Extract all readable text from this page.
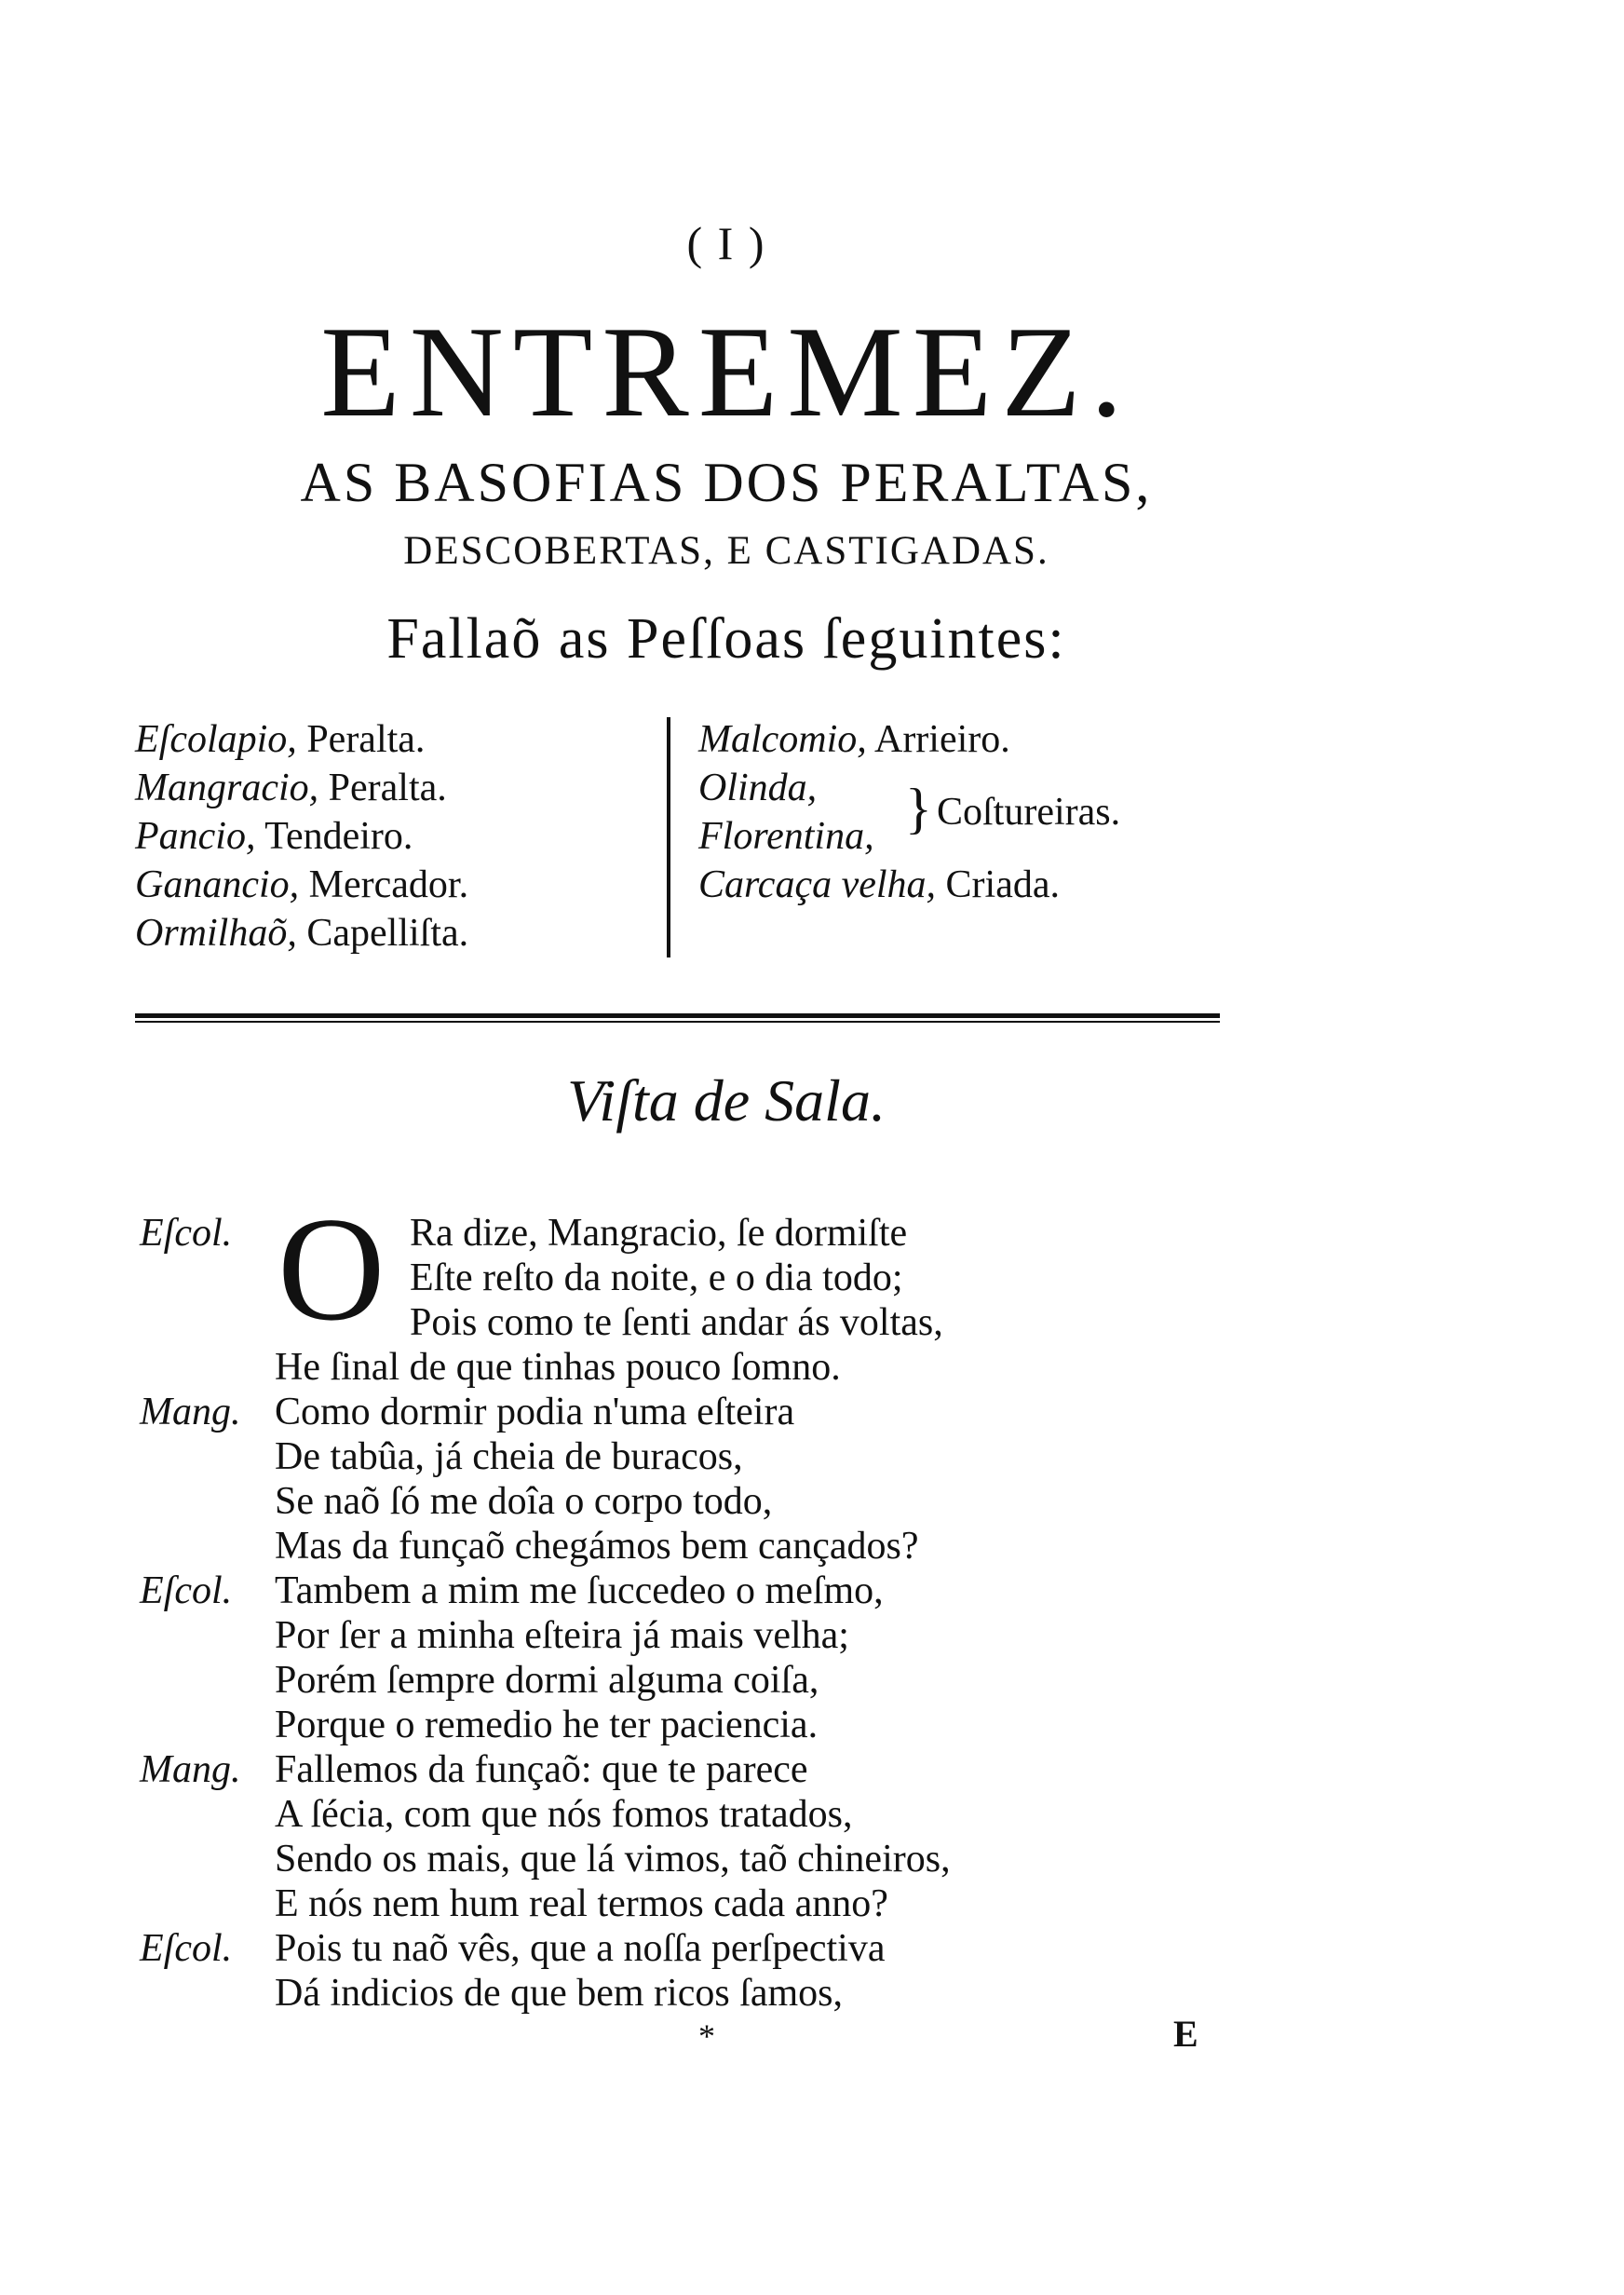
( I )
ENTREMEZ.
AS BASOFIAS DOS PERALTAS,
DESCOBERTAS, E CASTIGADAS.
Fallaõ as Peſſoas ſeguintes:
Eſcolapio, Peralta.
Mangracio, Peralta.
Pancio, Tendeiro.
Ganancio, Mercador.
Ormilhaõ, Capelliſta.
Malcomio, Arrieiro.
Olinda,
Florentina, } Coſtureiras.
Carcaça velha, Criada.
Viſta de Sala.
O
Eſcol.	Ra dize, Mangracio, ſe dormiſte
Eſte reſto da noite, e o dia todo;
Pois como te ſenti andar ás voltas,
He ſinal de que tinhas pouco ſomno.
Mang. Como dormir podia n'uma eſteira
De tabûa, já cheia de buracos,
Se naõ ſó me doîa o corpo todo,
Mas da funçaõ chegámos bem cançados?
Eſcol. Tambem a mim me ſuccedeo o meſmo,
Por ſer a minha eſteira já mais velha;
Porém ſempre dormi alguma coiſa,
Porque o remedio he ter paciencia.
Mang. Fallemos da funçaõ: que te parece
A ſécia, com que nós fomos tratados,
Sendo os mais, que lá vimos, taõ chineiros,
E nós nem hum real termos cada anno?
Eſcol. Pois tu naõ vês, que a noſſa perſpectiva
Dá indicios de que bem ricos ſamos,
*	E
